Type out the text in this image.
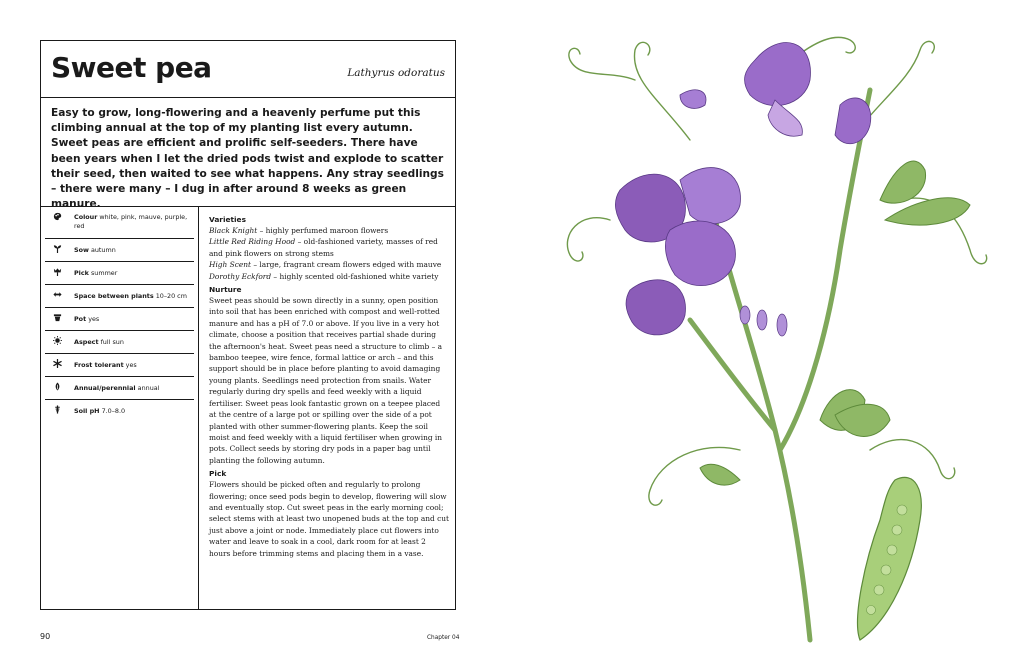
Sweet pea	Lathyrus odoratus
Easy to grow, long-flowering and a heavenly perfume put this climbing annual at the top of my planting list every autumn. Sweet peas are efficient and prolific self-seeders. There have been years when I let the dried pods twist and explode to scatter their seed, then waited to see what happens. Any stray seedlings – there were many – I dug in after around 8 weeks as green manure.
Colour white, pink, mauve, purple, red
Sow autumn
Pick summer
Space between plants 10–20 cm
Pot yes
Aspect full sun
Frost tolerant yes
Annual/perennial annual
Soil pH 7.0–8.0
Varieties
Black Knight – highly perfumed maroon flowers
Little Red Riding Hood – old-fashioned variety, masses of red and pink flowers on strong stems
High Scent – large, fragrant cream flowers edged with mauve
Dorothy Eckford – highly scented old-fashioned white variety
Nurture

Sweet peas should be sown directly in a sunny, open position into soil that has been enriched with compost and well-rotted manure and has a pH of 7.0 or above. If you live in a very hot climate, choose a position that receives partial shade during the afternoon's heat. Sweet peas need a structure to climb – a bamboo teepee, wire fence, formal lattice or arch – and this support should be in place before planting to avoid damaging young plants. Seedlings need protection from snails. Water regularly during dry spells and feed weekly with a liquid fertiliser. Sweet peas look fantastic grown on a teepee placed at the centre of a large pot or spilling over the side of a pot planted with other summer-flowering plants. Keep the soil moist and feed weekly with a liquid fertiliser when growing in pots. Collect seeds by storing dry pods in a paper bag until planting the following autumn.

Pick

Flowers should be picked often and regularly to prolong flowering; once seed pods begin to develop, flowering will slow and eventually stop. Cut sweet peas in the early morning cool; select stems with at least two unopened buds at the top and cut just above a joint or node. Immediately place cut flowers into water and leave to soak in a cool, dark room for at least 2 hours before trimming stems and placing them in a vase.

90	Chapter 04
